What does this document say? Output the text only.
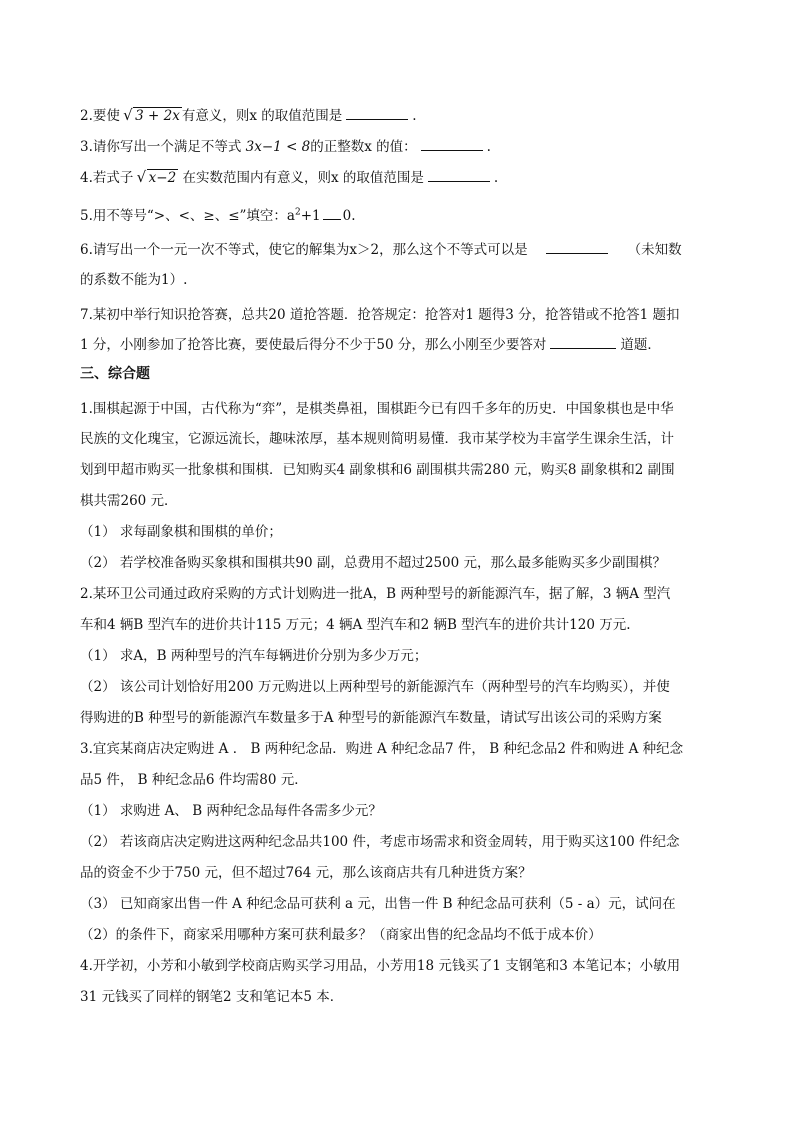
2.要使 √ 3 + 2x 有意义，则x 的取值范围是	.
3.请你写出一个满足不等式 3x−1 < 8的正整数x 的值：	.
4.若式子 √ x−2 在实数范围内有意义，则x 的取值范围是	.
5.用不等号“>、<、≥、≤”填空：$a^2+1$ 0.
6.请写出一个一元一次不等式，使它的解集为x＞2，那么这个不等式可以是	（未知数
的系数不能为1）.
7.某初中举行知识抢答赛，总共20 道抢答题．抢答规定：抢答对1 题得3 分，抢答错或不抢答1 题扣
1 分，小刚参加了抢答比赛，要使最后得分不少于50 分，那么小刚至少要答对	道题．
三、综合题
1.围棋起源于中国，古代称为“弈”，是棋类鼻祖，围棋距今已有四千多年的历史．中国象棋也是中华
民族的文化瑰宝，它源远流长，趣味浓厚，基本规则简明易懂．我市某学校为丰富学生课余生活，计
划到甲超市购买一批象棋和围棋．已知购买4 副象棋和6 副围棋共需280 元，购买8 副象棋和2 副围
棋共需260 元．
（1） 求每副象棋和围棋的单价；
（2） 若学校准备购买象棋和围棋共90 副，总费用不超过2500 元，那么最多能购买多少副围棋？
2.某环卫公司通过政府采购的方式计划购进一批A，B 两种型号的新能源汽车，据了解，3 辆A 型汽
车和4 辆B 型汽车的进价共计115 万元；4 辆A 型汽车和2 辆B 型汽车的进价共计120 万元.
（1） 求A，B 两种型号的汽车每辆进价分别为多少万元；
（2） 该公司计划恰好用200 万元购进以上两种型号的新能源汽车（两种型号的汽车均购买），并使
得购进的B 种型号的新能源汽车数量多于A 种型号的新能源汽车数量，请试写出该公司的采购方案
3.宜宾某商店决定购进 A ． B 两种纪念品．购进 A 种纪念品7 件， B 种纪念品2 件和购进 A 种纪念
品5 件， B 种纪念品6 件均需80 元．
（1） 求购进 A、 B 两种纪念品每件各需多少元？
（2） 若该商店决定购进这两种纪念品共100 件，考虑市场需求和资金周转，用于购买这100 件纪念
品的资金不少于750 元，但不超过764 元，那么该商店共有几种进货方案？
（3） 已知商家出售一件 A 种纪念品可获利 a 元，出售一件 B 种纪念品可获利（5 - a）元，试问在
（2）的条件下，商家采用哪种方案可获利最多？（商家出售的纪念品均不低于成本价）
4.开学初，小芳和小敏到学校商店购买学习用品，小芳用18 元钱买了1 支钢笔和3 本笔记本；小敏用
31 元钱买了同样的钢笔2 支和笔记本5 本．
